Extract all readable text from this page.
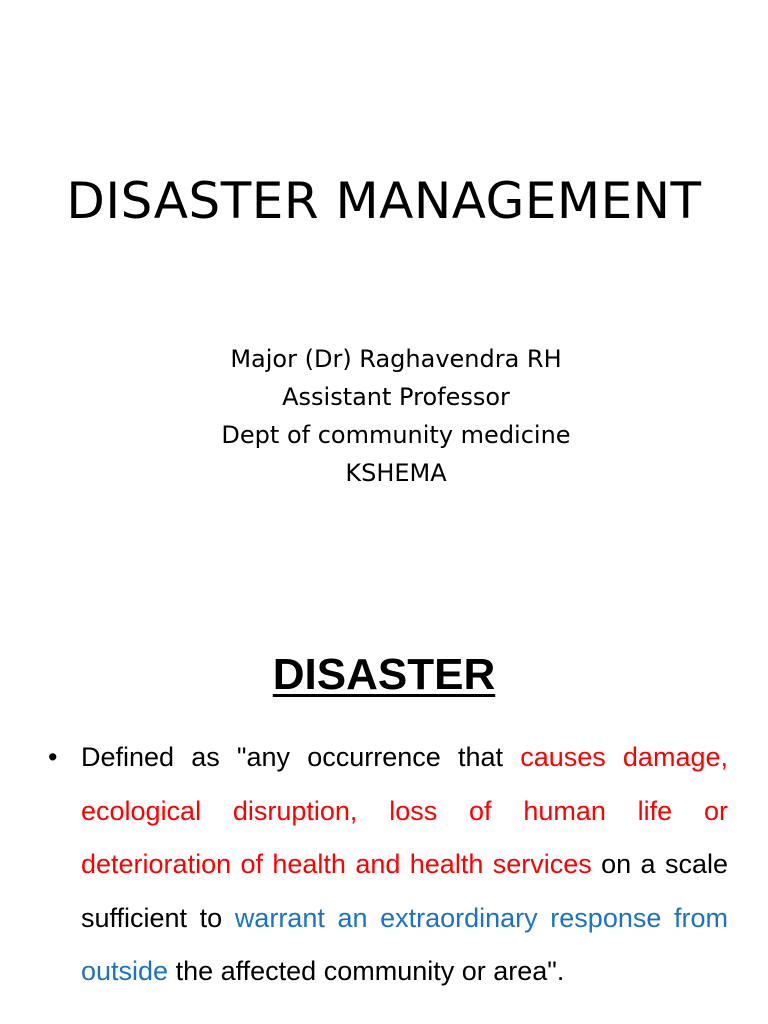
DISASTER MANAGEMENT
Major (Dr) Raghavendra RH
Assistant Professor
Dept of community medicine
KSHEMA
DISASTER
• Defined as "any occurrence that causes damage, ecological disruption, loss of human life or deterioration of health and health services on a scale sufficient to warrant an extraordinary response from outside the affected community or area".
